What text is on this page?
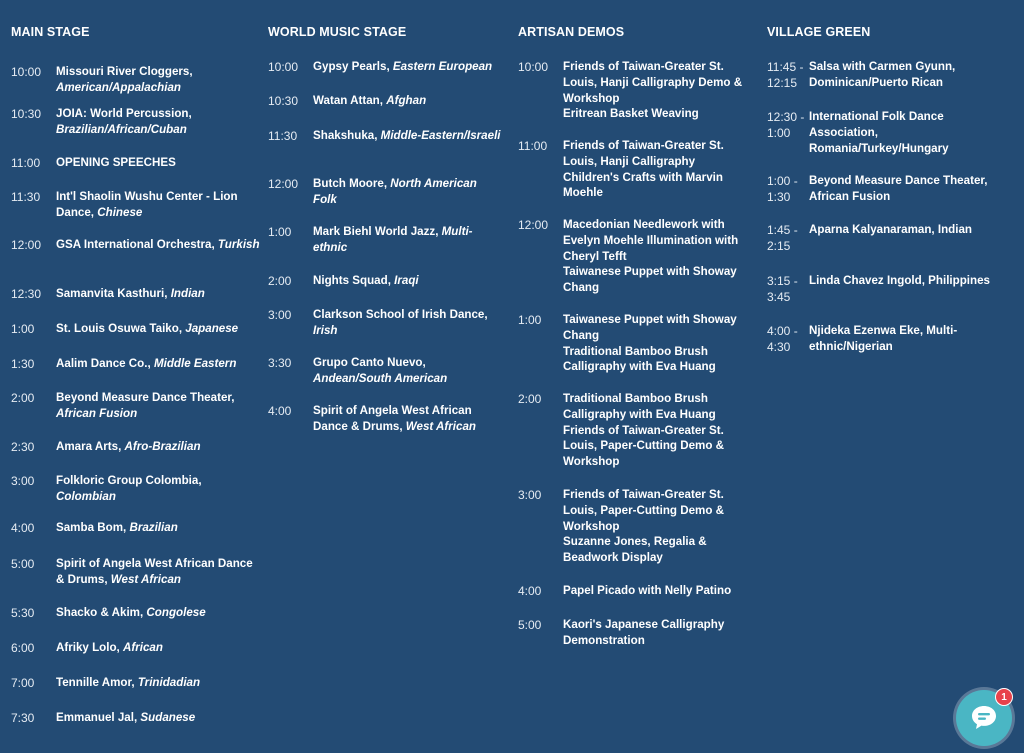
MAIN STAGE
10:00	Missouri River Cloggers, American/Appalachian
10:30	JOIA: World Percussion, Brazilian/African/Cuban
11:00	OPENING SPEECHES
11:30	Int'l Shaolin Wushu Center - Lion Dance, Chinese
12:00	GSA International Orchestra, Turkish
12:30	Samanvita Kasthuri, Indian
1:00	St. Louis Osuwa Taiko, Japanese
1:30	Aalim Dance Co., Middle Eastern
2:00	Beyond Measure Dance Theater, African Fusion
2:30	Amara Arts, Afro-Brazilian
3:00	Folkloric Group Colombia, Colombian
4:00	Samba Bom, Brazilian
5:00	Spirit of Angela West African Dance & Drums, West African
5:30	Shacko & Akim, Congolese
6:00	Afriky Lolo, African
7:00	Tennille Amor, Trinidadian
7:30	Emmanuel Jal, Sudanese
WORLD MUSIC STAGE
10:00	Gypsy Pearls, Eastern European
10:30	Watan Attan, Afghan
11:30	Shakshuka, Middle-Eastern/Israeli
12:00	Butch Moore, North American Folk
1:00	Mark Biehl World Jazz, Multi-ethnic
2:00	Nights Squad, Iraqi
3:00	Clarkson School of Irish Dance, Irish
3:30	Grupo Canto Nuevo, Andean/South American
4:00	Spirit of Angela West African Dance & Drums, West African
ARTISAN DEMOS
10:00	Friends of Taiwan-Greater St. Louis, Hanji Calligraphy Demo & Workshop
Eritrean Basket Weaving
11:00	Friends of Taiwan-Greater St. Louis, Hanji Calligraphy
Children's Crafts with Marvin Moehle
12:00	Macedonian Needlework with Evelyn Moehle Illumination with Cheryl Tefft
Taiwanese Puppet with Showay Chang
1:00	Taiwanese Puppet with Showay Chang
Traditional Bamboo Brush Calligraphy with Eva Huang
2:00	Traditional Bamboo Brush Calligraphy with Eva Huang
Friends of Taiwan-Greater St. Louis, Paper-Cutting Demo & Workshop
3:00	Friends of Taiwan-Greater St. Louis, Paper-Cutting Demo & Workshop
Suzanne Jones, Regalia & Beadwork Display
4:00	Papel Picado with Nelly Patino
5:00	Kaori's Japanese Calligraphy Demonstration
VILLAGE GREEN
11:45 - 12:15
Salsa with Carmen Gyunn, Dominican/Puerto Rican
12:30 - 1:00
International Folk Dance Association, Romania/Turkey/Hungary
1:00 - 1:30
Beyond Measure Dance Theater, African Fusion
1:45 - 2:15
Aparna Kalyanaraman, Indian
3:15 - 3:45
Linda Chavez Ingold, Philippines
4:00 - 4:30
Njideka Ezenwa Eke, Multi-ethnic/Nigerian
1
